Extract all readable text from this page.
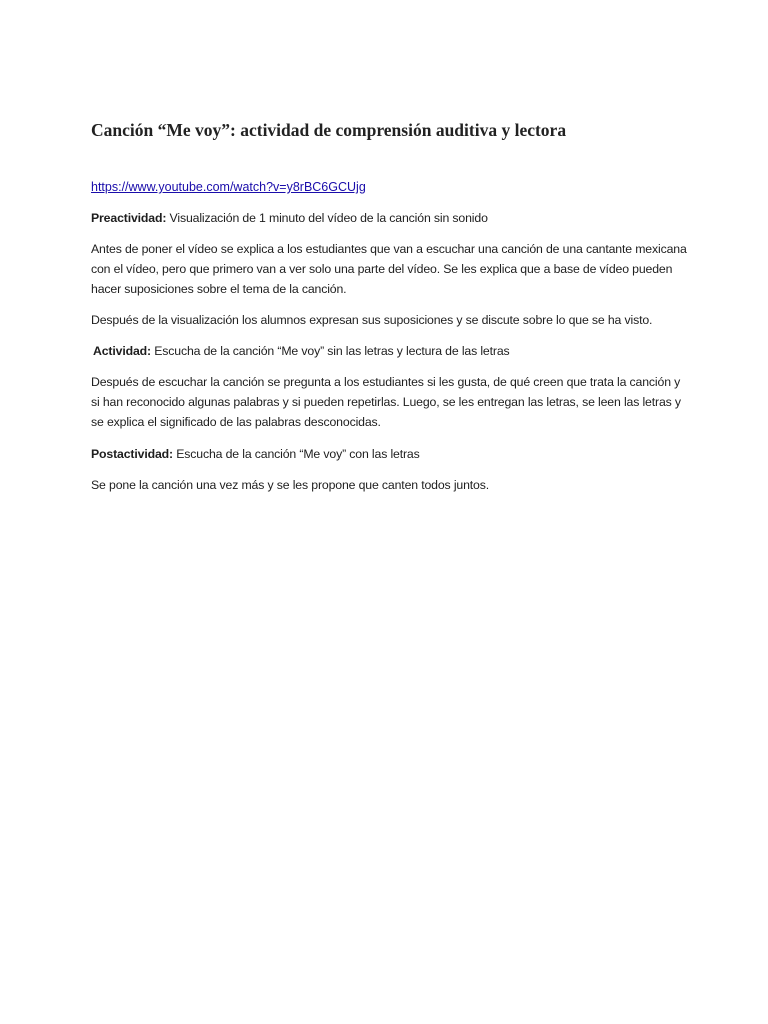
Canción “Me voy”: actividad de comprensión auditiva y lectora
https://www.youtube.com/watch?v=y8rBC6GCUjg

Preactividad: Visualización de 1 minuto del vídeo de la canción sin sonido

Antes de poner el vídeo se explica a los estudiantes que van a escuchar una canción de una cantante mexicana con el vídeo, pero que primero van a ver solo una parte del vídeo. Se les explica que a base de vídeo pueden hacer suposiciones sobre el tema de la canción.

Después de la visualización los alumnos expresan sus suposiciones y se discute sobre lo que se ha visto.

Actividad: Escucha de la canción “Me voy” sin las letras y lectura de las letras

Después de escuchar la canción se pregunta a los estudiantes si les gusta, de qué creen que trata la canción y si han reconocido algunas palabras y si pueden repetirlas. Luego, se les entregan las letras, se leen las letras y se explica el significado de las palabras desconocidas.

Postactividad: Escucha de la canción “Me voy” con las letras

Se pone la canción una vez más y se les propone que canten todos juntos.
